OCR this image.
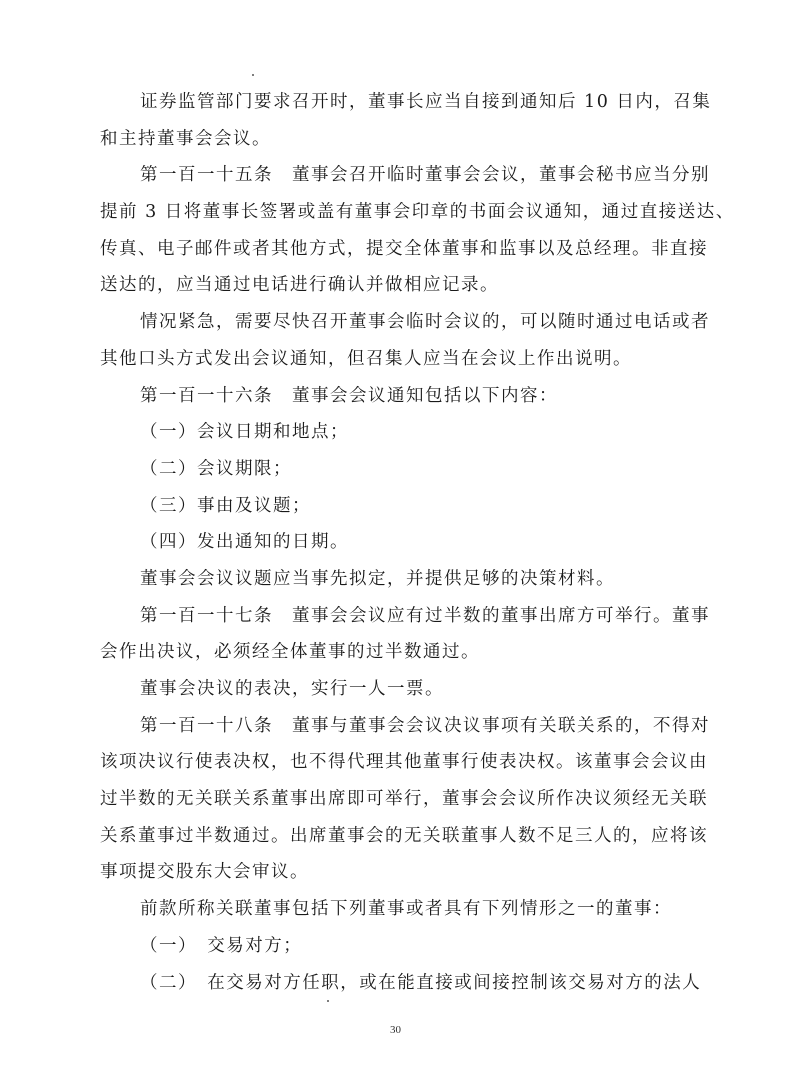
证券监管部门要求召开时，董事长应当自接到通知后 10 日内，召集
和主持董事会会议。
第一百一十五条　董事会召开临时董事会会议，董事会秘书应当分别
提前 3 日将董事长签署或盖有董事会印章的书面会议通知，通过直接送达、
传真、电子邮件或者其他方式，提交全体董事和监事以及总经理。非直接
送达的，应当通过电话进行确认并做相应记录。
情况紧急，需要尽快召开董事会临时会议的，可以随时通过电话或者
其他口头方式发出会议通知，但召集人应当在会议上作出说明。
第一百一十六条　董事会会议通知包括以下内容：
（一）会议日期和地点；
（二）会议期限；
（三）事由及议题；
（四）发出通知的日期。
董事会会议议题应当事先拟定，并提供足够的决策材料。
第一百一十七条　董事会会议应有过半数的董事出席方可举行。董事
会作出决议，必须经全体董事的过半数通过。
董事会决议的表决，实行一人一票。
第一百一十八条　董事与董事会会议决议事项有关联关系的，不得对
该项决议行使表决权，也不得代理其他董事行使表决权。该董事会会议由
过半数的无关联关系董事出席即可举行，董事会会议所作决议须经无关联
关系董事过半数通过。出席董事会的无关联董事人数不足三人的，应将该
事项提交股东大会审议。
前款所称关联董事包括下列董事或者具有下列情形之一的董事：
（一）　交易对方；
（二）　在交易对方任职，或在能直接或间接控制该交易对方的法人
30
